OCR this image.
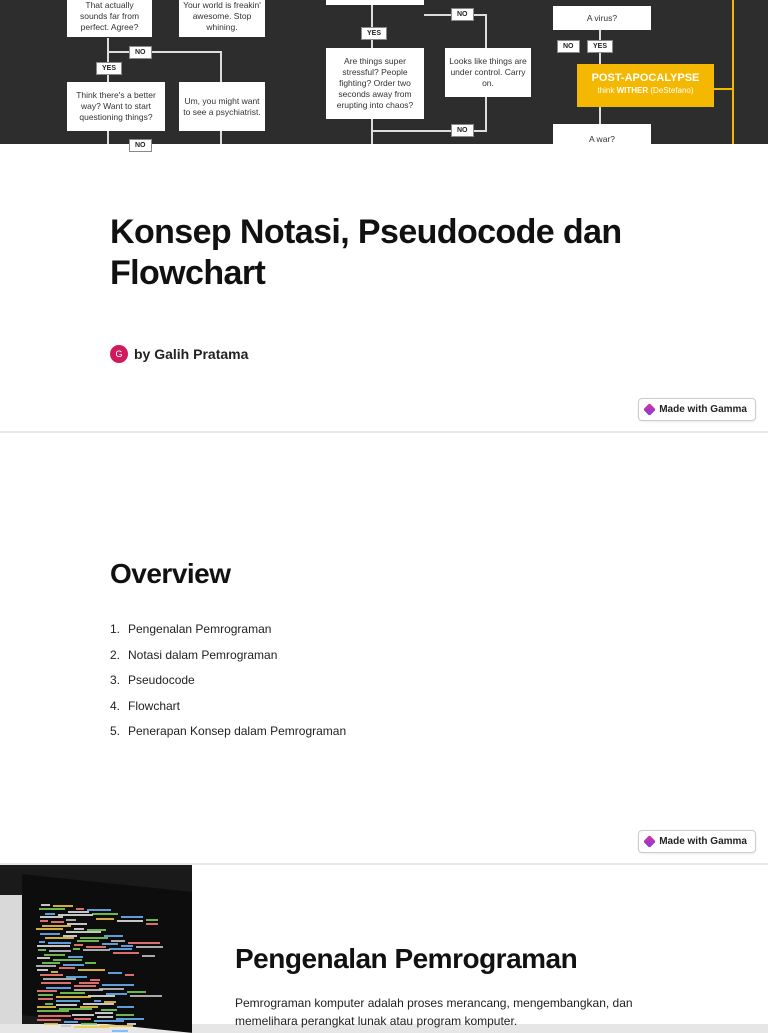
That actually sounds far from perfect. Agree?
Your world is freakin' awesome. Stop whining.
Think there's a better way? Want to start questioning things?
Um, you might want to see a psychiatrist.
Are things super stressful? People fighting? Order two seconds away from erupting into chaos?
Looks like things are under control. Carry on.
A virus?
A war?
POST-APOCALYPSE
think WITHER (DeStefano)
NO
YES
NO
YES
NO
NO
NO	YES
Konsep Notasi, Pseudocode dan Flowchart
G by Galih Pratama
Made with Gamma
Overview
1. Pengenalan Pemrograman
2. Notasi dalam Pemrograman
3. Pseudocode
4. Flowchart
5. Penerapan Konsep dalam Pemrograman
Made with Gamma
Pengenalan Pemrograman

Pemrograman komputer adalah proses merancang, mengembangkan, dan memelihara perangkat lunak atau program komputer.
